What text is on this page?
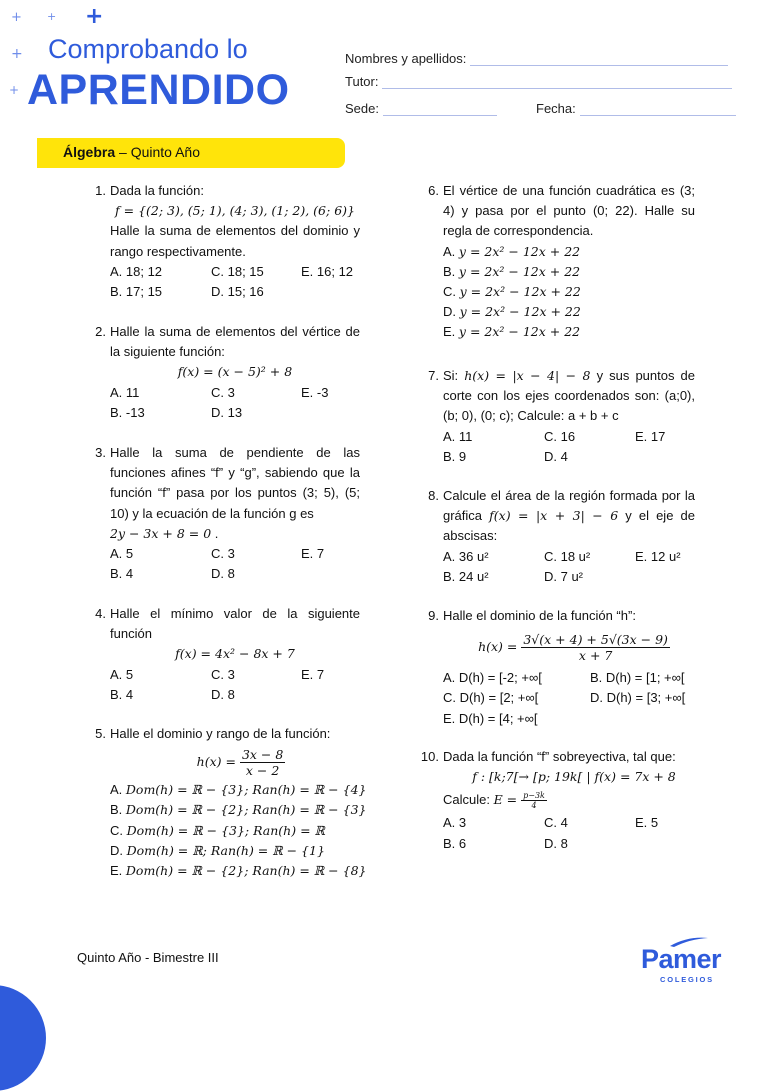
+ + +
+
+
Comprobando lo
APRENDIDO
Nombres y apellidos:
Tutor:
Sede:	Fecha:
Álgebra – Quinto Año
1. Dada la función:
f = {(2; 3), (5; 1), (4; 3), (1; 2), (6; 6)}
Halle la suma de elementos del dominio y rango respectivamente.
A. 18; 12	C. 18; 15	E. 16; 12
B. 17; 15	D. 15; 16
2. Halle la suma de elementos del vértice de la siguiente función:
f(x) = (x − 5)² + 8
A. 11	C. 3	E. -3
B. -13	D. 13
3. Halle la suma de pendiente de las funciones afines “f” y “g”, sabiendo que la función “f” pasa por los puntos (3; 5), (5; 10) y la ecuación de la función g es
2y − 3x + 8 = 0 .
A. 5	C. 3	E. 7
B. 4	D. 8
4. Halle el mínimo valor de la siguiente función
f(x) = 4x² − 8x + 7
A. 5	C. 3	E. 7
B. 4	D. 8
5. Halle el dominio y rango de la función:
$h(x) = \frac{3x - 8}{x - 2}$
A. Dom(h) = ℝ − {3}; Ran(h) = ℝ − {4}
B. Dom(h) = ℝ − {2}; Ran(h) = ℝ − {3}
C. Dom(h) = ℝ − {3}; Ran(h) = ℝ
D. Dom(h) = ℝ; Ran(h) = ℝ − {1}
E. Dom(h) = ℝ − {2}; Ran(h) = ℝ − {8}
6. El vértice de una función cuadrática es (3; 4) y pasa por el punto (0; 22). Halle su regla de correspondencia.
A. y = 2x² − 12x + 22
B. y = 2x² − 12x + 22
C. y = 2x² − 12x + 22
D. y = 2x² − 12x + 22
E. y = 2x² − 12x + 22
7. Si: h(x) = |x − 4| − 8 y sus puntos de corte con los ejes coordenados son: (a;0), (b; 0), (0; c); Calcule: a + b + c
A. 11	C. 16	E. 17
B. 9	D. 4
8. Calcule el área de la región formada por la gráfica f(x) = |x + 3| − 6 y el eje de abscisas:
A. 36 u²	C. 18 u²	E. 12 u²
B. 24 u²	D. 7 u²
9. Halle el dominio de la función “h”:
$h(x) = \frac{3√(x + 4) + 5√(3x - 9)}{x + 7}$
A. D(h) = [-2; +∞[	B. D(h) = [1; +∞[
C. D(h) = [2; +∞[	D. D(h) = [3; +∞[
E. D(h) = [4; +∞[
10. Dada la función “f” sobreyectiva, tal que:
f : [k;7[→ [p; 19k[ | f(x) = 7x + 8
Calcule: $E = \frac{p-3k}{4}$
A. 3	C. 4	E. 5
B. 6	D. 8
Quinto Año - Bimestre III	Pamer
COLEGIOS
